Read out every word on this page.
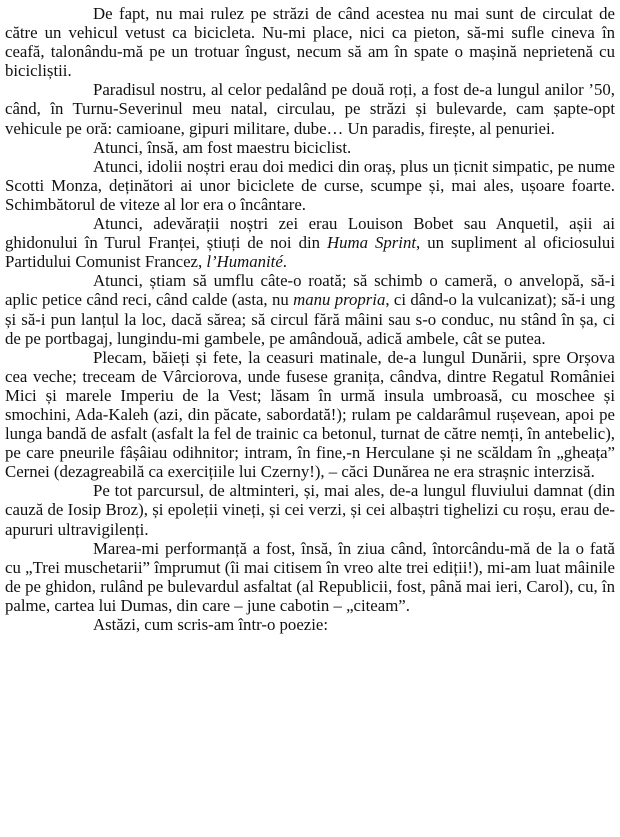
De fapt, nu mai rulez pe străzi de când acestea nu mai sunt de circulat de către un vehicul vetust ca bicicleta. Nu-mi place, nici ca pieton, să-mi sufle cineva în ceafă, talonându-mă pe un trotuar îngust, necum să am în spate o mașină neprietenă cu bicicliștii.

Paradisul nostru, al celor pedalând pe două roți, a fost de-a lungul anilor ’50, când, în Turnu-Severinul meu natal, circulau, pe străzi și bulevarde, cam șapte-opt vehicule pe oră: camioane, gipuri militare, dube… Un paradis, firește, al penuriei.

Atunci, însă, am fost maestru biciclist.

Atunci, idolii noștri erau doi medici din oraș, plus un țicnit simpatic, pe nume Scotti Monza, deținători ai unor biciclete de curse, scumpe și, mai ales, ușoare foarte. Schimbătorul de viteze al lor era o încântare.

Atunci, adevărații noștri zei erau Louison Bobet sau Anquetil, așii ai ghidonului în Turul Franței, știuți de noi din Huma Sprint, un supliment al oficiosului Partidului Comunist Francez, l’Humanité.

Atunci, știam să umflu câte-o roată; să schimb o cameră, o anvelopă, să-i aplic petice când reci, când calde (asta, nu manu propria, ci dând-o la vulcanizat); să-i ung și să-i pun lanțul la loc, dacă sărea; să circul fără mâini sau s-o conduc, nu stând în șa, ci de pe portbagaj, lungindu-mi gambele, pe amândouă, adică ambele, cât se putea.

Plecam, băieți și fete, la ceasuri matinale, de-a lungul Dunării, spre Orșova cea veche; treceam de Vârciorova, unde fusese granița, cândva, dintre Regatul României Mici și marele Imperiu de la Vest; lăsam în urmă insula umbroasă, cu moschee și smochini, Ada-Kaleh (azi, din păcate, sabordată!); rulam pe caldarâmul rușevean, apoi pe lunga bandă de asfalt (asfalt la fel de trainic ca betonul, turnat de către nemți, în antebelic), pe care pneurile fâșâiau odihnitor; intram, în fine,-n Herculane și ne scăldam în „gheața” Cernei (dezagreabilă ca exercițiile lui Czerny!), – căci Dunărea ne era strașnic interzisă.

Pe tot parcursul, de altminteri, și, mai ales, de-a lungul fluviului damnat (din cauză de Iosip Broz), și epoleții vineți, și cei verzi, și cei albaștri tighelizi cu roșu, erau de-apururi ultravigilenți.

Marea-mi performanță a fost, însă, în ziua când, întorcându-mă de la o fată cu „Trei muschetarii” împrumut (îi mai citisem în vreo alte trei ediții!), mi-am luat mâinile de pe ghidon, rulând pe bulevardul asfaltat (al Republicii, fost, până mai ieri, Carol), cu, în palme, cartea lui Dumas, din care – june cabotin – „citeam”.

Astăzi, cum scris-am într-o poezie:
